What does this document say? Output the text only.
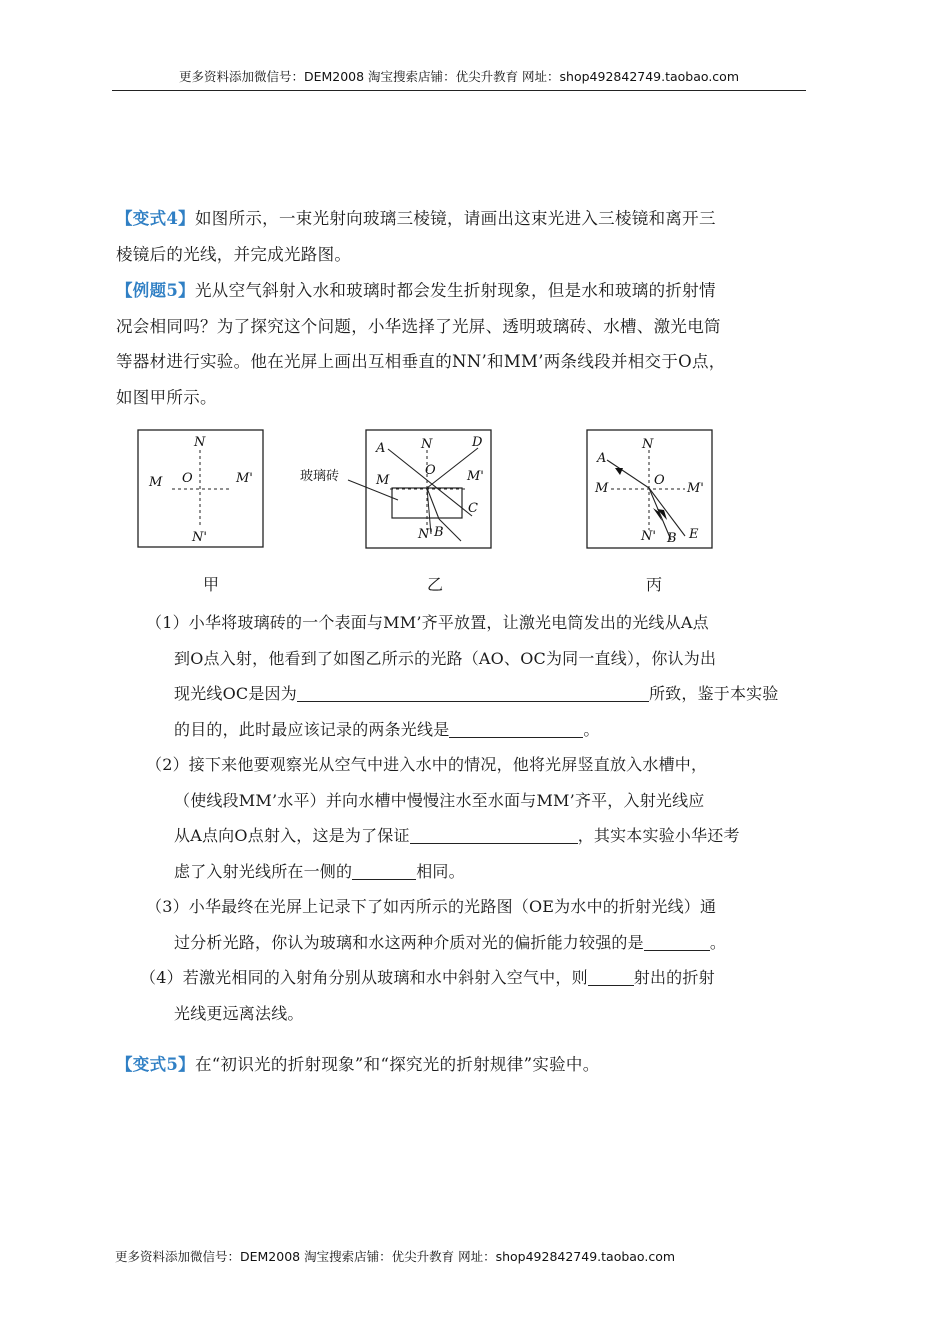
更多资料添加微信号：DEM2008 淘宝搜索店铺：优尖升教育 网址：shop492842749.taobao.com
【变式4】如图所示，一束光射向玻璃三棱镜，请画出这束光进入三棱镜和离开三
棱镜后的光线，并完成光路图。
【例题5】光从空气斜射入水和玻璃时都会发生折射现象，但是水和玻璃的折射情
况会相同吗？为了探究这个问题，小华选择了光屏、透明玻璃砖、水槽、激光电筒
等器材进行实验。他在光屏上画出互相垂直的NN’和MM’两条线段并相交于O点，
如图甲所示。
N
N'
M	M'
O	玻璃砖
A	N	D
O
M	M'
C
N' B
A
N
M
O
M'
N' B E
甲	乙	丙
（1）小华将玻璃砖的一个表面与MM’齐平放置，让激光电筒发出的光线从A点
到O点入射，他看到了如图乙所示的光路（AO、OC为同一直线），你认为出
现光线OC是因为	所致，鉴于本实验
的目的，此时最应该记录的两条光线是	。
（2）接下来他要观察光从空气中进入水中的情况，他将光屏竖直放入水槽中，
（使线段MM’水平）并向水槽中慢慢注水至水面与MM’齐平，入射光线应
从A点向O点射入，这是为了保证	，其实本实验小华还考
虑了入射光线所在一侧的	相同。
（3）小华最终在光屏上记录下了如丙所示的光路图（OE为水中的折射光线）通
过分析光路，你认为玻璃和水这两种介质对光的偏折能力较强的是	。
（4）若激光相同的入射角分别从玻璃和水中斜射入空气中，则	射出的折射
光线更远离法线。
【变式5】在“初识光的折射现象”和“探究光的折射规律”实验中。
更多资料添加微信号：DEM2008 淘宝搜索店铺：优尖升教育 网址：shop492842749.taobao.com
